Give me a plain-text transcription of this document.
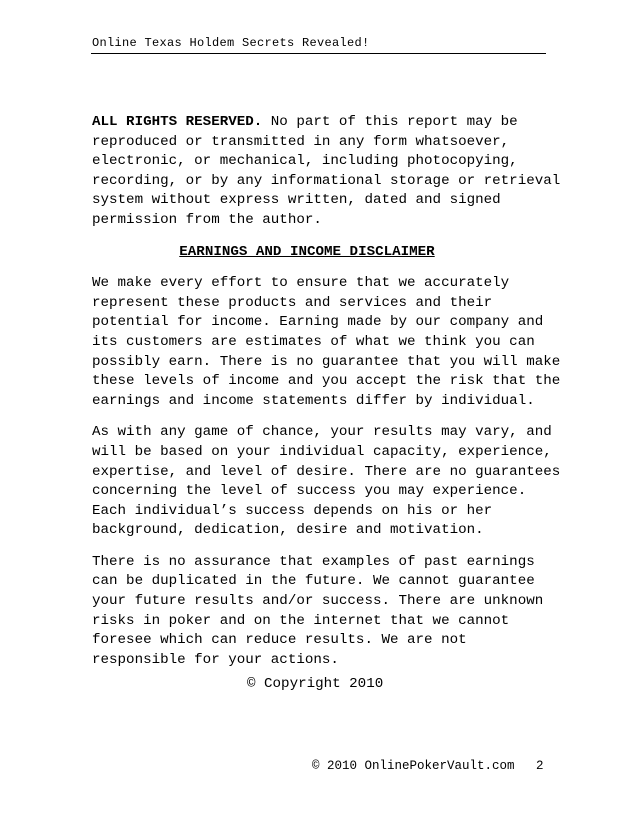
Online Texas Holdem Secrets Revealed!

ALL RIGHTS RESERVED. No part of this report may be reproduced or transmitted in any form whatsoever, electronic, or mechanical, including photocopying, recording, or by any informational storage or retrieval system without express written, dated and signed permission from the author.

EARNINGS AND INCOME DISCLAIMER

We make every effort to ensure that we accurately represent these products and services and their potential for income. Earning made by our company and its customers are estimates of what we think you can possibly earn. There is no guarantee that you will make these levels of income and you accept the risk that the earnings and income statements differ by individual.

As with any game of chance, your results may vary, and will be based on your individual capacity, experience, expertise, and level of desire. There are no guarantees concerning the level of success you may experience. Each individual’s success depends on his or her background, dedication, desire and motivation.

There is no assurance that examples of past earnings can be duplicated in the future. We cannot guarantee your future results and/or success. There are unknown risks in poker and on the internet that we cannot foresee which can reduce results. We are not responsible for your actions.

© Copyright 2010
© 2010 OnlinePokerVault.com 2
